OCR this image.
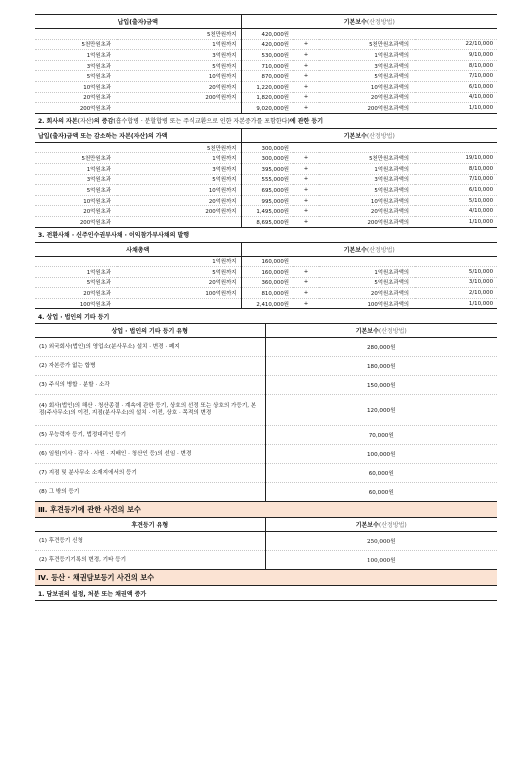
납입(출자)금액		기본보수(산정방법)			
	5천만원까지	420,000원			
5천만원초과	1억원까지	420,000원	+	5천만원초과액의	22/10,000
1억원초과	3억원까지	530,000원	+	1억원초과액의	9/10,000
3억원초과	5억원까지	710,000원	+	3억원초과액의	8/10,000
5억원초과	10억원까지	870,000원	+	5억원초과액의	7/10,000
10억원초과	20억원까지	1,220,000원	+	10억원초과액의	6/10,000
20억원초과	200억원까지	1,820,000원	+	20억원초과액의	4/10,000
200억원초과		9,020,000원	+	200억원초과액의	1/10,000
2. 회사의 자본 (자산) 의 증감 (흡수합병 · 분할합병 또는 주식교환으로 인한 자본증가를 포함한다) 에 관한 등기
납입(출자)금액 또는 감소하는 자본(자산)의 가액		기본보수(산정방법)			
	5천만원까지	300,000원			
5천만원초과	1억원까지	300,000원	+	5천만원초과액의	19/10,000
1억원초과	3억원까지	395,000원	+	1억원초과액의	8/10,000
3억원초과	5억원까지	555,000원	+	3억원초과액의	7/10,000
5억원초과	10억원까지	695,000원	+	5억원초과액의	6/10,000
10억원초과	20억원까지	995,000원	+	10억원초과액의	5/10,000
20억원초과	200억원까지	1,495,000원	+	20억원초과액의	4/10,000
200억원초과		8,695,000원	+	200억원초과액의	1/10,000
3. 전환사채 · 신주인수권부사채 · 이익참가부사채의 발행
사채총액		기본보수(산정방법)			
	1억원까지	160,000원			
1억원초과	5억원까지	160,000원	+	1억원초과액의	5/10,000
5억원초과	20억원까지	360,000원	+	5억원초과액의	3/10,000
20억원초과	100억원까지	810,000원	+	20억원초과액의	2/10,000
100억원초과		2,410,000원	+	100억원초과액의	1/10,000
4. 상업 · 법인의 기타 등기
상업 · 법인의 기타 등기 유형	기본보수(산정방법)
(1) 외국회사(법인)의 영업소(분사무소) 설치 · 변경 · 폐지	280,000원
(2) 자본증가 없는 합병	180,000원
(3) 주식의 병합 · 분할 · 소각	150,000원
(4) 회사(법인)의 해산 · 청산종결 · 계속에 관한 등기, 상호의 선정 또는 상호의 가등기, 본점(주사무소)의 이전, 지점(분사무소)의 설치 · 이전, 상호 · 목적의 변경	120,000원
(5) 무능력자 등기, 법정대리인 등기	70,000원
(6) 임원(이사 · 감사 · 사원 · 지배인 · 청산인 등)의 선임 · 변경	100,000원
(7) 지점 및 분사무소 소재지에서의 등기	60,000원
(8) 그 밖의 등기	60,000원
Ⅲ. 후견등기에 관한 사건의 보수
후견등기 유형	기본보수(산정방법)
(1) 후견등기 신청	250,000원
(2) 후견등기기록의 변경, 기타 등기	100,000원
Ⅳ. 등산 · 채권담보등기 사건의 보수
1. 담보권의 설정, 처분 또는 채권액 증가
